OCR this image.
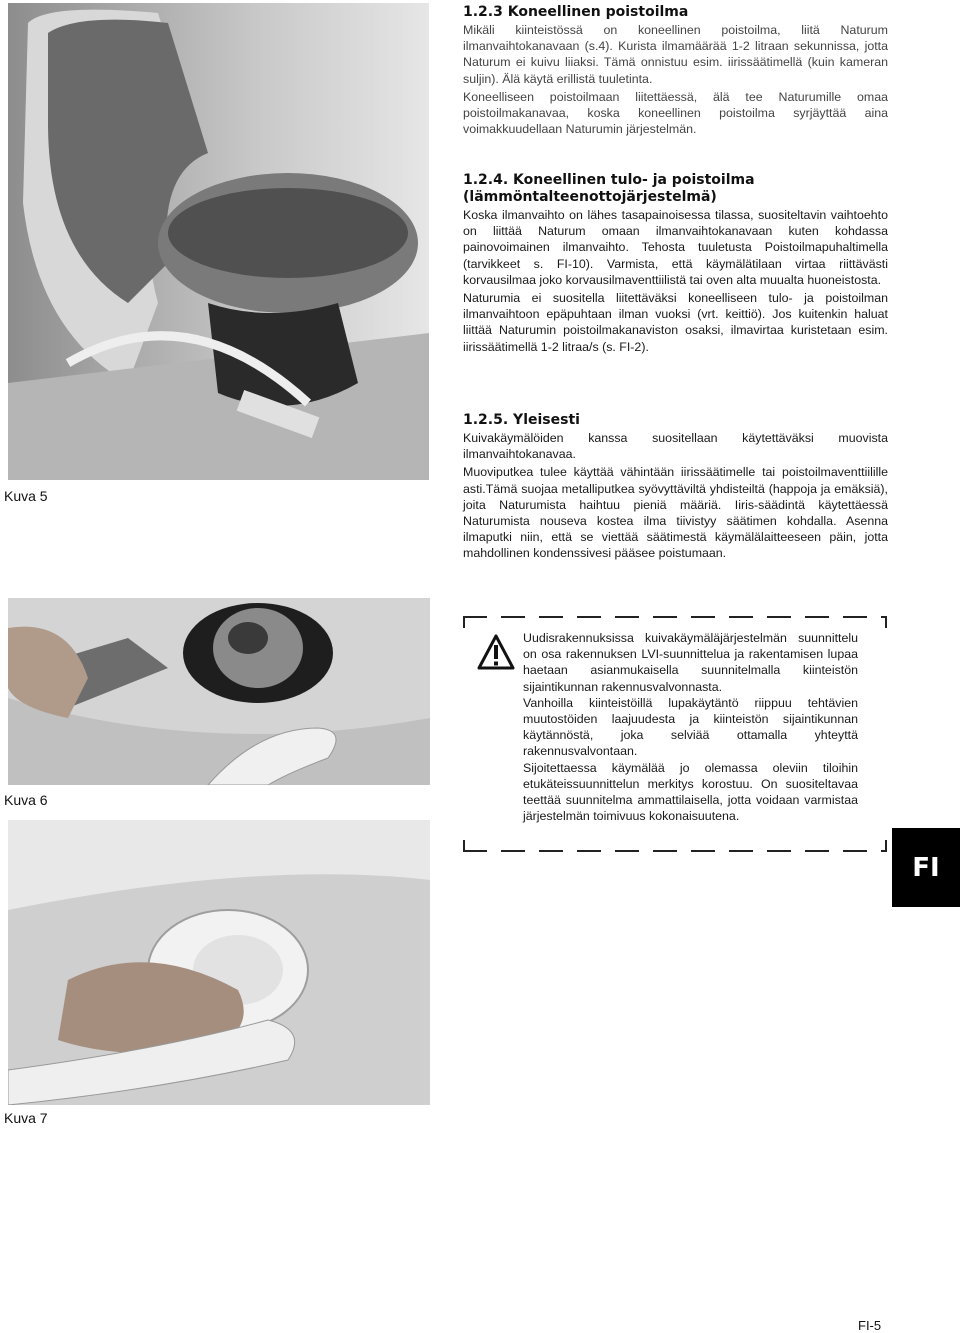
Kuva 5
Kuva 6
Kuva 7
1.2.3 Koneellinen poistoilma

Mikäli kiinteistössä on koneellinen poistoilma, liitä Naturum ilmanvaihtokanavaan (s.4). Kurista ilmamäärää 1-2 litraan sekunnissa, jotta Naturum ei kuivu liiaksi. Tämä onnistuu esim. iirissäätimellä (kuin kameran suljin). Älä käytä erillistä tuuletinta.

Koneelliseen poistoilmaan liitettäessä, älä tee Naturumille omaa poistoilmakanavaa, koska koneellinen poistoilma syrjäyttää aina voimakkuudellaan Naturumin järjestelmän.

1.2.4. Koneellinen tulo- ja poistoilma (lämmöntalteenottojärjestelmä)

Koska ilmanvaihto on lähes tasapainoisessa tilassa, suositeltavin vaihtoehto on liittää Naturum omaan ilmanvaihtokanavaan kuten kohdassa painovoimainen ilmanvaihto. Tehosta tuuletusta Poistoilmapuhaltimella (tarvikkeet s. FI-10). Varmista, että käymälätilaan virtaa riittävästi korvausilmaa joko korvausilmaventtiilistä tai oven alta muualta huoneistosta.

Naturumia ei suositella liitettäväksi koneelliseen tulo- ja poistoilman ilmanvaihtoon epäpuhtaan ilman vuoksi (vrt. keittiö). Jos kuitenkin haluat liittää Naturumin poistoilmakanaviston osaksi, ilmavirtaa kuristetaan esim. iirissäätimellä 1-2 litraa/s (s. FI-2).

1.2.5. Yleisesti

Kuivakäymälöiden kanssa suositellaan käytettäväksi muovista ilmanvaihtokanavaa.

Muoviputkea tulee käyttää vähintään iirissäätimelle tai poistoilmaventtiilille asti.Tämä suojaa metalliputkea syövyttäviltä yhdisteiltä (happoja ja emäksiä), joita Naturumista haihtuu pieniä määriä. Iiris-säädintä käytettäessä Naturumista nouseva kostea ilma tiivistyy säätimen kohdalla. Asenna ilmaputki niin, että se viettää säätimestä käymälälaitteeseen päin, jotta mahdollinen kondenssivesi pääsee poistumaan.

Uudisrakennuksissa kuivakäymäläjärjestelmän suunnittelu on osa rakennuksen LVI-suunnittelua ja rakentamisen lupaa haetaan asianmukaisella suunnitelmalla kiinteistön sijaintikunnan rakennusvalvonnasta.

Vanhoilla kiinteistöillä lupakäytäntö riippuu tehtävien muutostöiden laajuudesta ja kiinteistön sijaintikunnan käytännöstä, joka selviää ottamalla yhteyttä rakennusvalvontaan.

Sijoitettaessa käymälää jo olemassa oleviin tiloihin etukäteissuunnittelun merkitys korostuu. On suositeltavaa teettää suunnitelma ammattilaisella, jotta voidaan varmistaa järjestelmän toimivuus kokonaisuutena.

FI
FI-5
